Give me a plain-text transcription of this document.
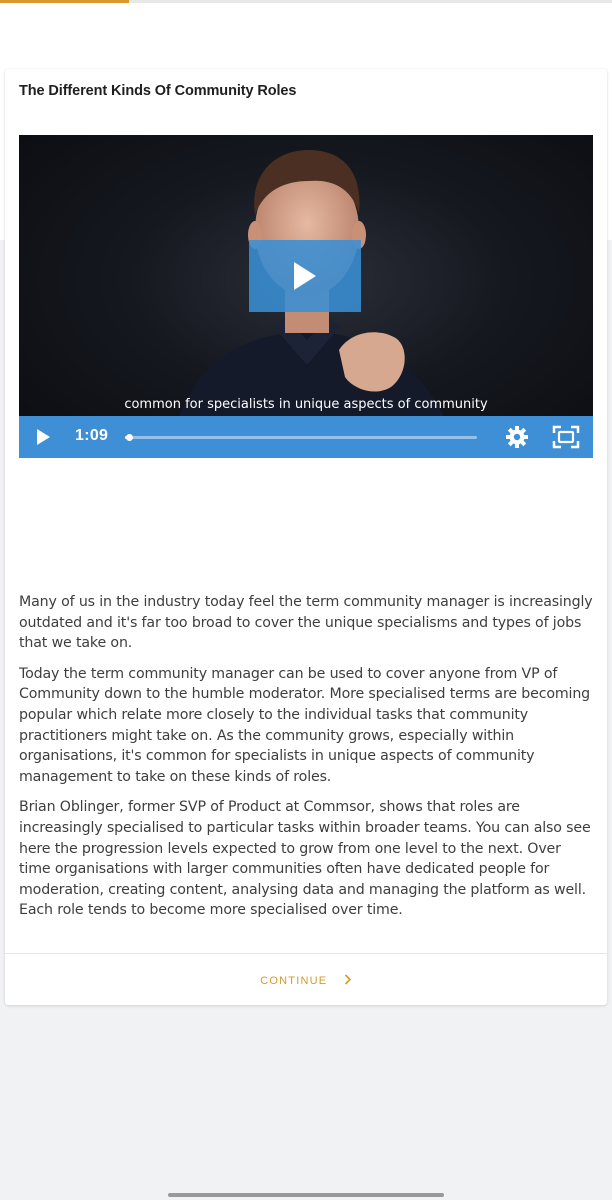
The Different Kinds Of Community Roles
common for specialists in unique aspects of community
1:09

Many of us in the industry today feel the term community manager is increasingly outdated and it's far too broad to cover the unique specialisms and types of jobs that we take on.

Today the term community manager can be used to cover anyone from VP of Community down to the humble moderator. More specialised terms are becoming popular which relate more closely to the individual tasks that community practitioners might take on. As the community grows, especially within organisations, it's common for specialists in unique aspects of community management to take on these kinds of roles.

Brian Oblinger, former SVP of Product at Commsor, shows that roles are increasingly specialised to particular tasks within broader teams. You can also see here the progression levels expected to grow from one level to the next. Over time organisations with larger communities often have dedicated people for moderation, creating content, analysing data and managing the platform as well. Each role tends to become more specialised over time.

CONTINUE
